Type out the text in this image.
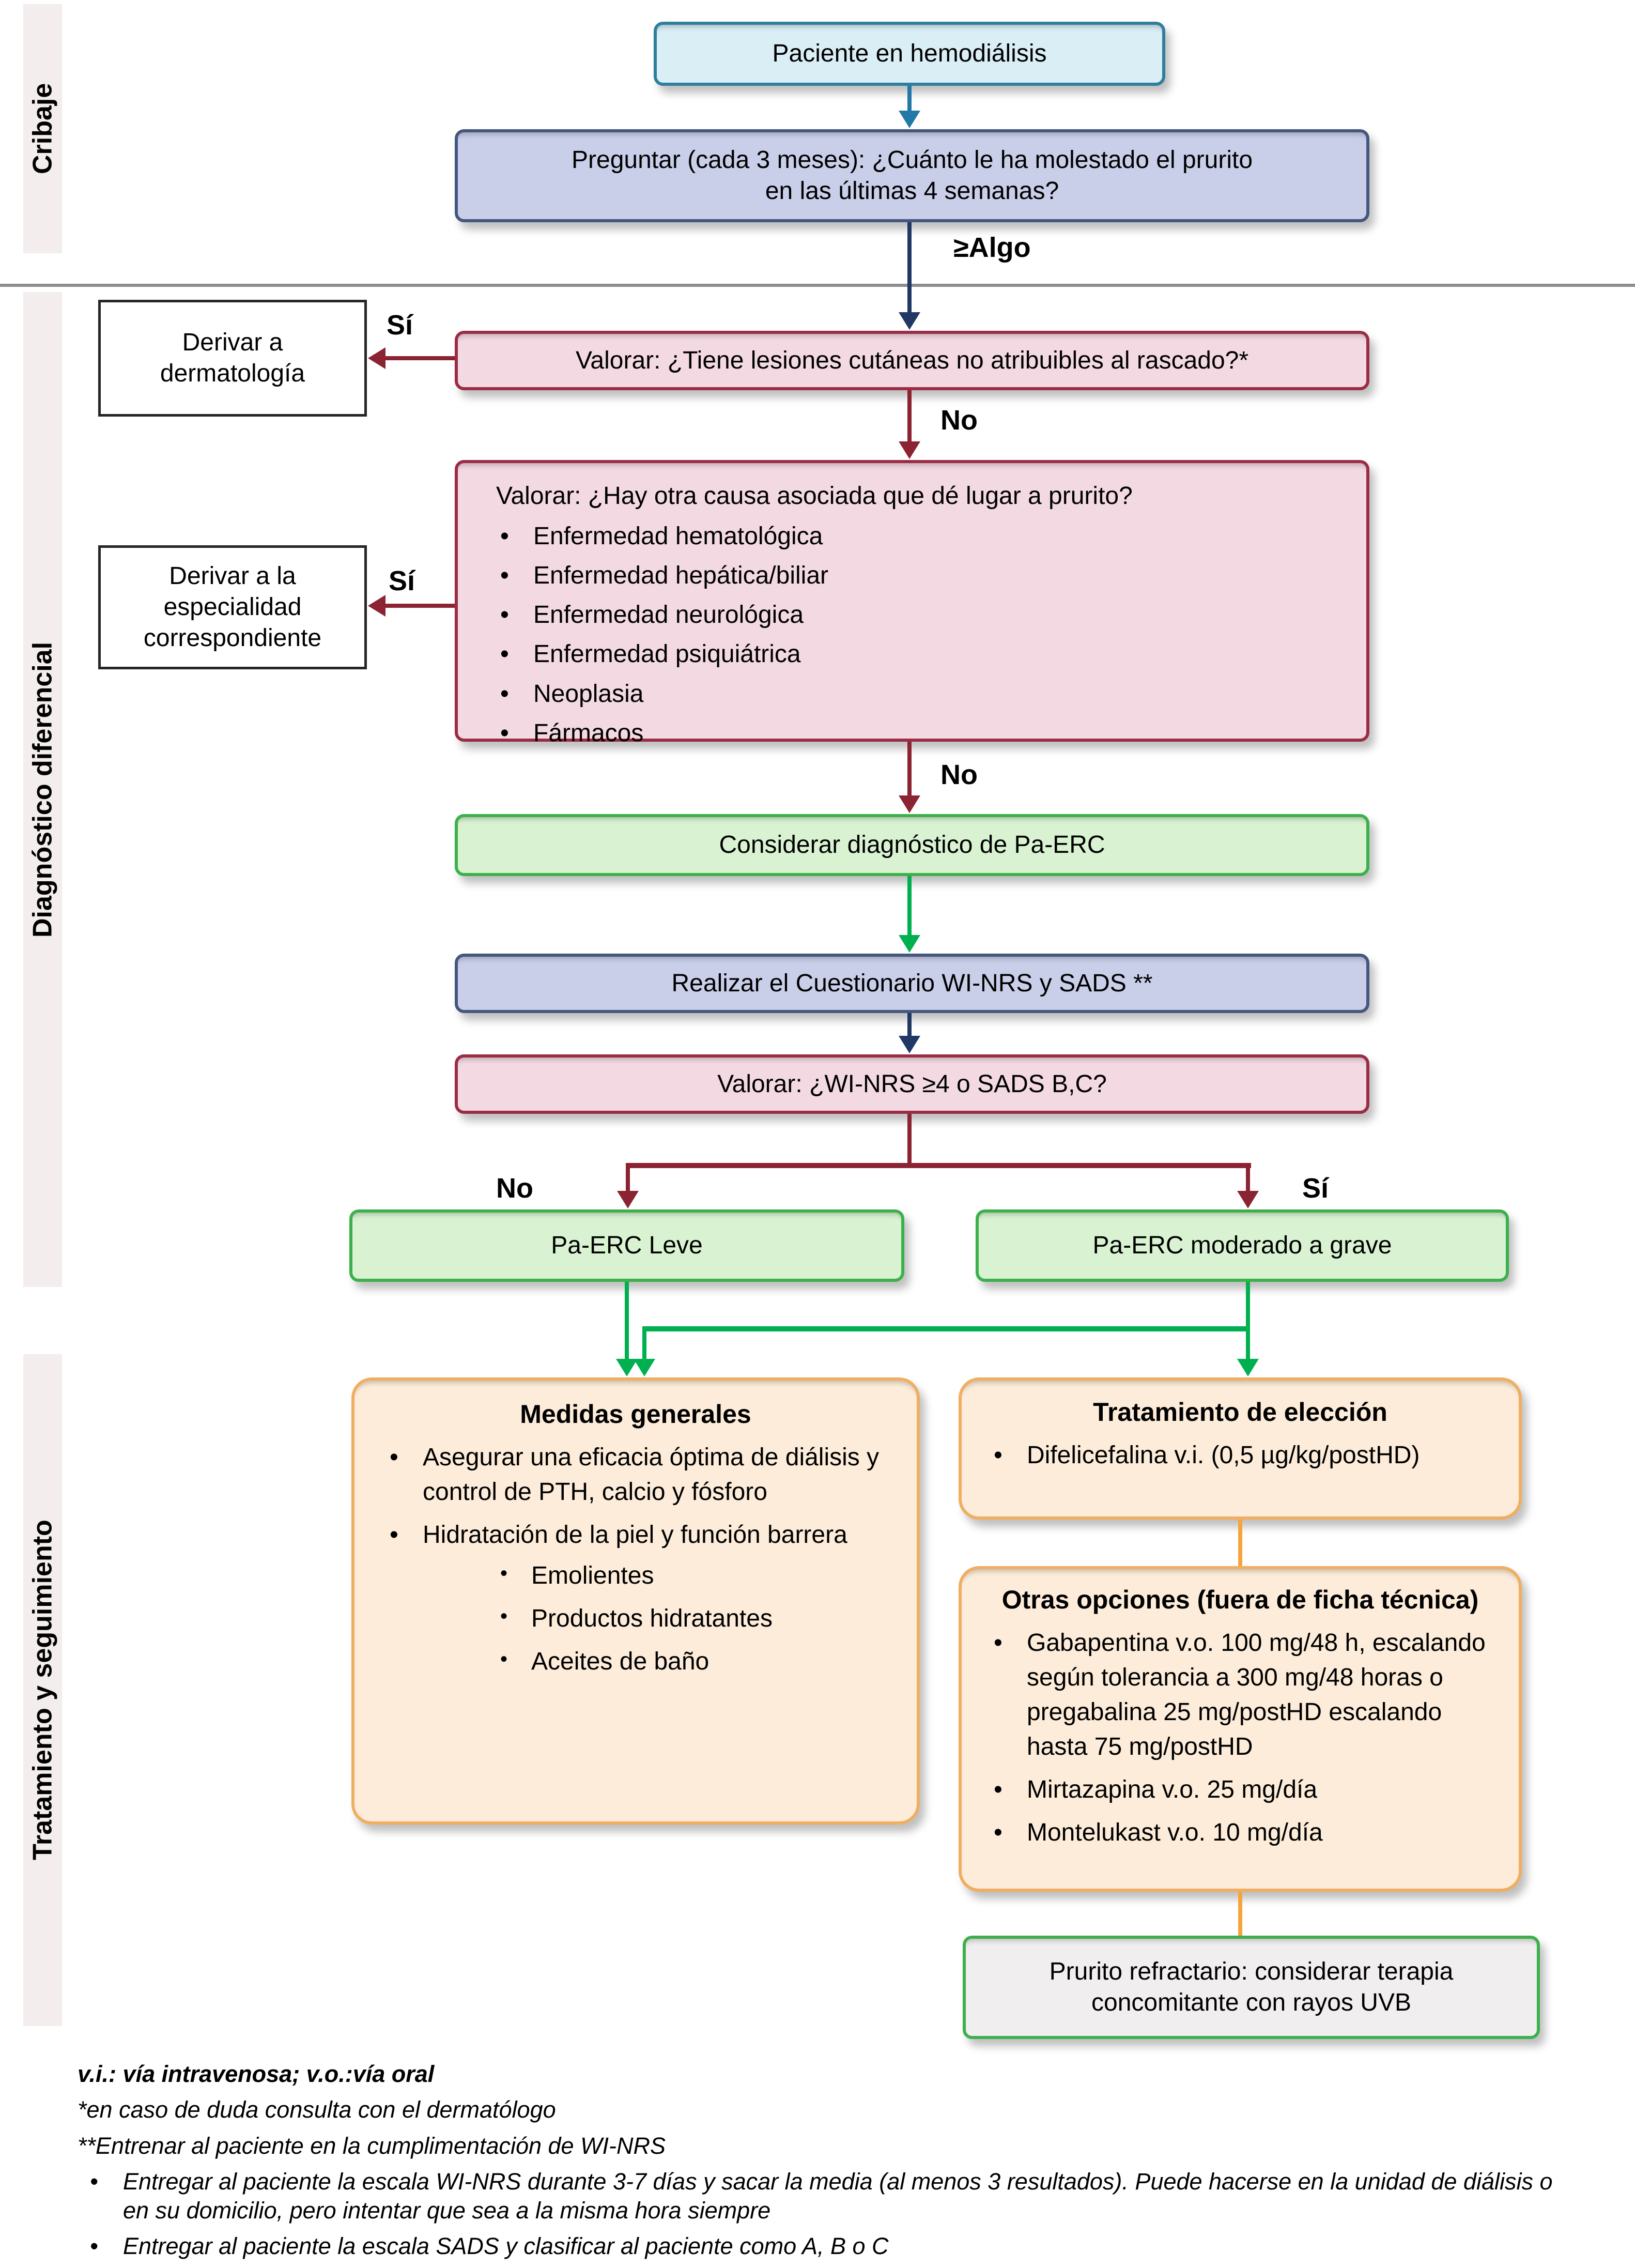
Cribaje
Diagnóstico diferencial
Tratamiento y seguimiento
Paciente en hemodiálisis
Preguntar (cada 3 meses): ¿Cuánto le ha molestado el prurito en las últimas 4 semanas?
≥Algo
Derivar a dermatología
Sí
Valorar: ¿Tiene lesiones cutáneas no atribuibles al rascado?*
No
Valorar: ¿Hay otra causa asociada que dé lugar a prurito?
• Enfermedad hematológica
• Enfermedad hepática/biliar
• Enfermedad neurológica
• Enfermedad psiquiátrica
• Neoplasia
• Fármacos
Derivar a la especialidad correspondiente
Sí
No
Considerar diagnóstico de Pa-ERC
Realizar el Cuestionario WI-NRS y SADS **
Valorar: ¿WI-NRS ≥4 o SADS B,C?
No	Sí
Pa-ERC Leve	Pa-ERC moderado a grave
Medidas generales
• Asegurar una eficacia óptima de diálisis y control de PTH, calcio y fósforo
• Hidratación de la piel y función barrera
• Emolientes
• Productos hidratantes
• Aceites de baño
Tratamiento de elección
• Difelicefalina v.i. (0,5 µg/kg/postHD)
Otras opciones (fuera de ficha técnica)
• Gabapentina v.o. 100 mg/48 h, escalando según tolerancia a 300 mg/48 horas o pregabalina 25 mg/postHD escalando hasta 75 mg/postHD
• Mirtazapina v.o. 25 mg/día
• Montelukast v.o. 10 mg/día
Prurito refractario: considerar terapia concomitante con rayos UVB

v.i.: vía intravenosa; v.o.:vía oral

*en caso de duda consulta con el dermatólogo

**Entrenar al paciente en la cumplimentación de WI-NRS

• Entregar al paciente la escala WI-NRS durante 3-7 días y sacar la media (al menos 3 resultados). Puede hacerse en la unidad de diálisis o en su domicilio, pero intentar que sea a la misma hora siempre
• Entregar al paciente la escala SADS y clasificar al paciente como A, B o C
